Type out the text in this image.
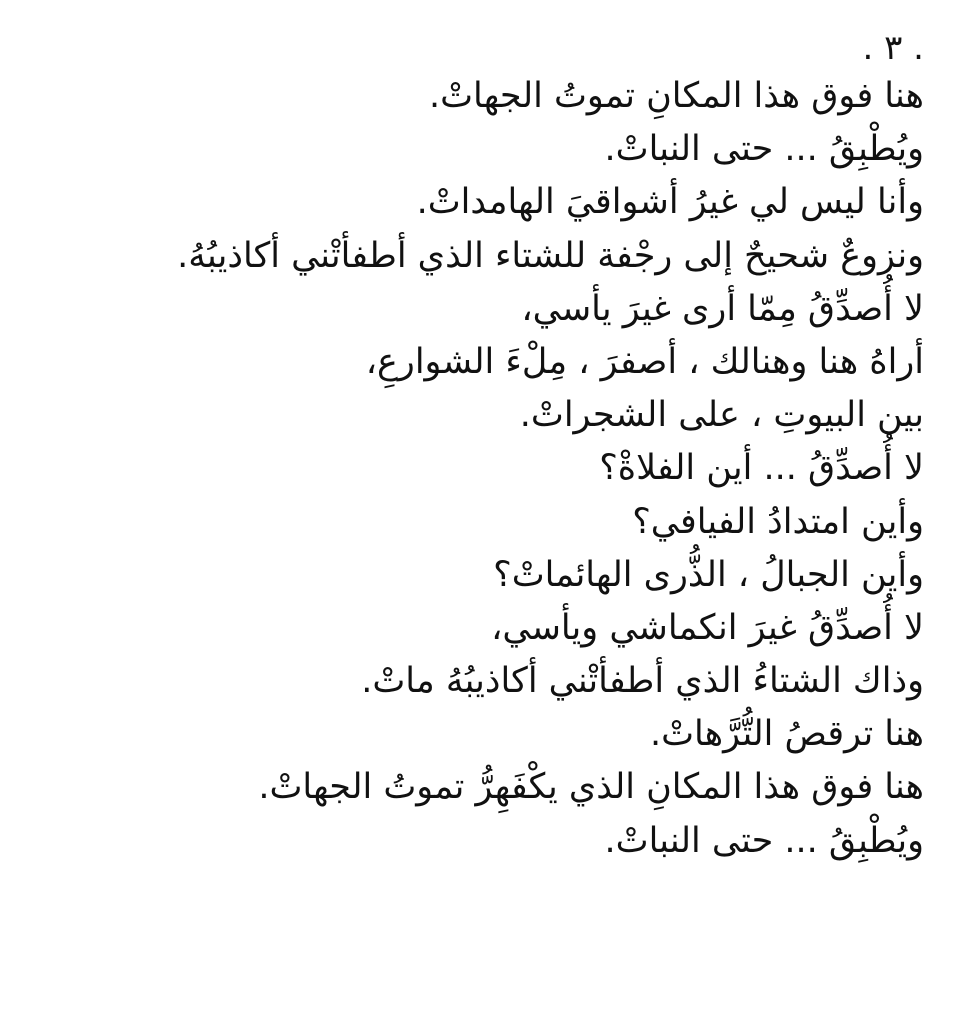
. ٣ .
هنا فوق هذا المكانِ تموتُ الجهاتْ.
ويُطْبِقُ ... حتى النباتْ.
وأنا ليس لي غيرُ أشواقيَ الهامداتْ.
ونزوعٌ شحيحٌ إلى رجْفة للشتاء الذي أطفأتْني أكاذيبُهُ.
لا أُصدِّقُ مِمّا أرى غيرَ يأسي،
أراهُ هنا وهنالك ، أصفرَ ، مِلْءَ الشوارعِ،
بين البيوتِ ، على الشجراتْ.
لا أُصدِّقُ ... أين الفلاةْ؟
وأين امتدادُ الفيافي؟
وأين الجبالُ ، الذُّرى الهائماتْ؟
لا أُصدِّقُ غيرَ انكماشي ويأسي،
وذاك الشتاءُ الذي أطفأتْني أكاذيبُهُ ماتْ.
هنا ترقصُ التُّرَّهاتْ.
هنا فوق هذا المكانِ الذي يكْفَهِرُّ تموتُ الجهاتْ.
ويُطْبِقُ ... حتى النباتْ.
